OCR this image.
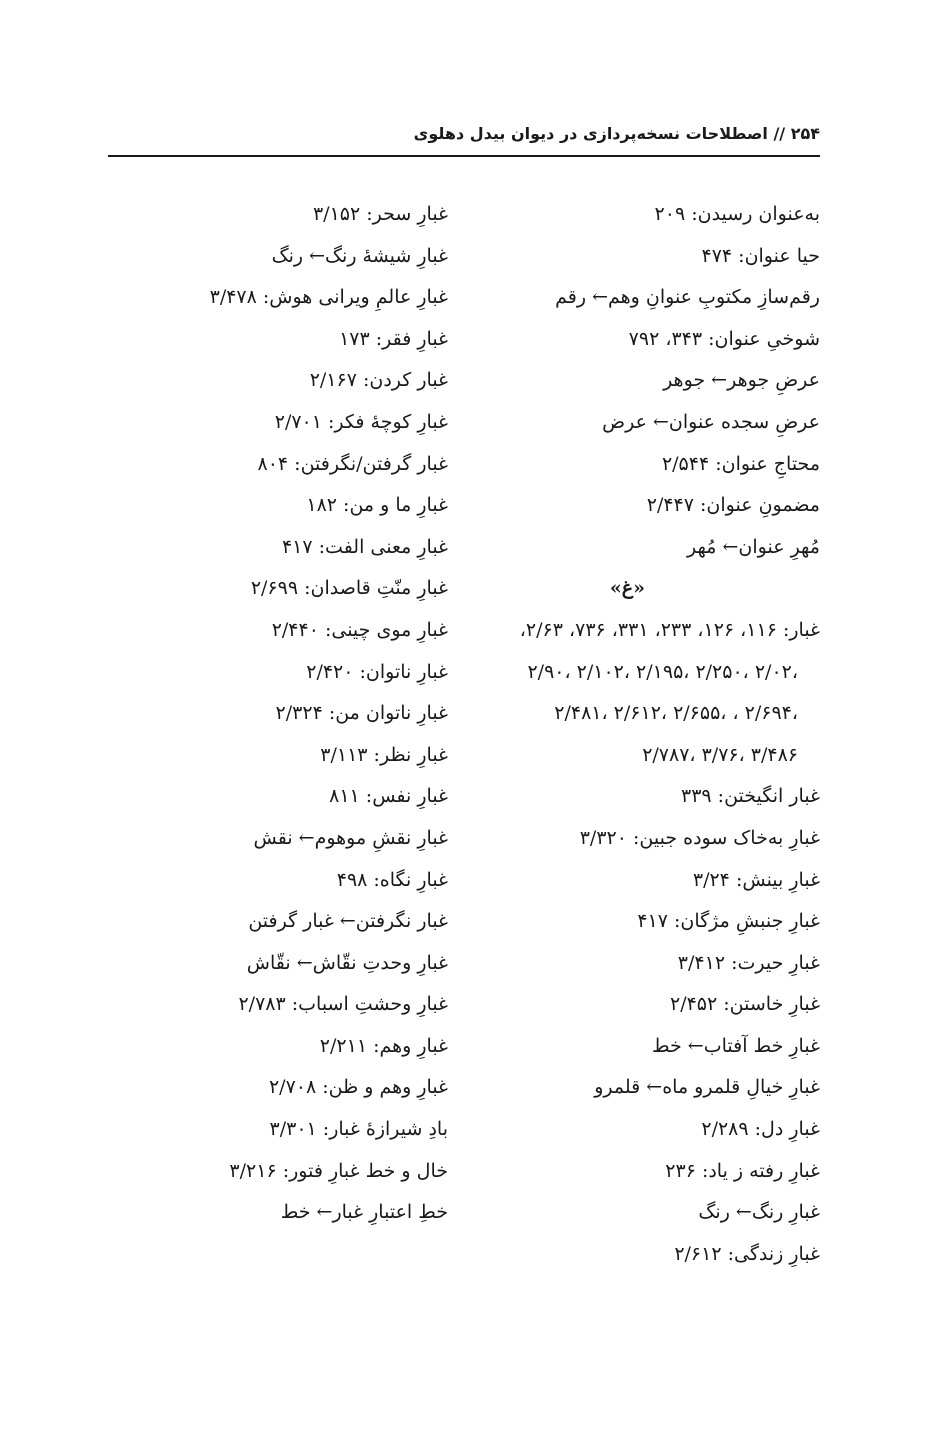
۲۵۴ // اصطلاحات نسخه‌پردازی در دیوان بیدل دهلوی
به‌عنوان رسیدن: ۲۰۹
حیا عنوان: ۴۷۴
رقم‌سازِ مکتوبِ عنوانِ وهم← رقم
شوخیِ عنوان: ۳۴۳، ۷۹۲
عرضِ جوهر← جوهر
عرضِ سجده عنوان← عرض
محتاجِ عنوان: ۲/۵۴۴
مضمونِ عنوان: ۲/۴۴۷
مُهرِ عنوان← مُهر
«غ»
غبار: ۱۱۶، ۱۲۶، ۲۳۳، ۳۳۱، ۷۳۶، ۲/۶۳،
۲/۹۰، ۲/۱۰۲، ۲/۱۹۵، ۲/۲۵۰، ۲/۰۲،
۲/۴۸۱، ۲/۶۱۲، ۲/۶۵۵، ، ۲/۶۹۴،
۲/۷۸۷، ۳/۷۶، ۳/۴۸۶
غبار انگیختن: ۳۳۹
غبارِ به‌خاک سوده جبین: ۳/۳۲۰
غبارِ بینش: ۳/۲۴
غبارِ جنبشِ مژگان: ۴۱۷
غبارِ حیرت: ۳/۴۱۲
غبارِ خاستن: ۲/۴۵۲
غبارِ خط آفتاب← خط
غبارِ خیالِ قلمرو ماه← قلمرو
غبارِ دل: ۲/۲۸۹
غبارِ رفته ز یاد: ۲۳۶
غبارِ رنگ← رنگ
غبارِ زندگی: ۲/۶۱۲
غبارِ سحر: ۳/۱۵۲
غبارِ شیشۀ رنگ← رنگ
غبارِ عالمِ ویرانی هوش: ۳/۴۷۸
غبارِ فقر: ۱۷۳
غبار کردن: ۲/۱۶۷
غبارِ کوچۀ فکر: ۲/۷۰۱
غبار گرفتن/نگرفتن: ۸۰۴
غبارِ ما و من: ۱۸۲
غبارِ معنی الفت: ۴۱۷
غبارِ منّتِ قاصدان: ۲/۶۹۹
غبارِ موی چینی: ۲/۴۴۰
غبارِ ناتوان: ۲/۴۲۰
غبارِ ناتوان من: ۲/۳۲۴
غبارِ نظر: ۳/۱۱۳
غبارِ نفس: ۸۱۱
غبارِ نقشِ موهوم← نقش
غبارِ نگاه: ۴۹۸
غبار نگرفتن← غبار گرفتن
غبارِ وحدتِ نقّاش← نقّاش
غبارِ وحشتِ اسباب: ۲/۷۸۳
غبارِ وهم: ۲/۲۱۱
غبارِ وهم و ظن: ۲/۷۰۸
بادِ شیرازۀ غبار: ۳/۳۰۱
خال و خط غبارِ فتور: ۳/۲۱۶
خطِ اعتبارِ غبار← خط
